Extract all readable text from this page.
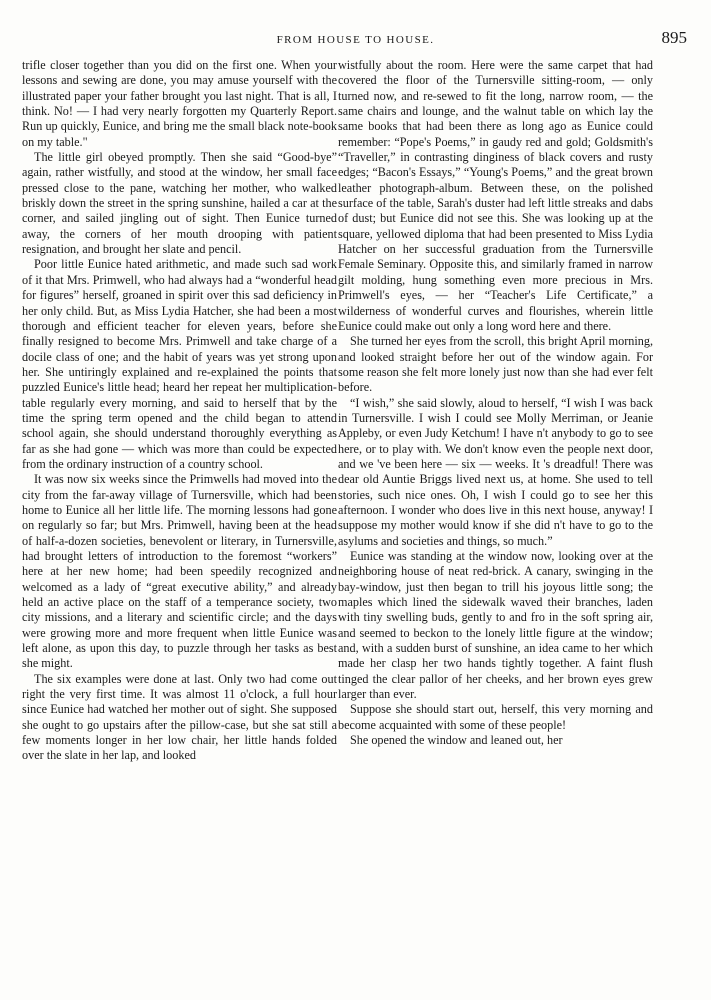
FROM HOUSE TO HOUSE.	895

trifle closer together than you did on the first one. When your lessons and sewing are done, you may amuse yourself with the illustrated paper your father brought you last night. That is all, I think. No! — I had very nearly forgotten my Quarterly Report. Run up quickly, Eunice, and bring me the small black note-book on my table."

The little girl obeyed promptly. Then she said “Good-bye” again, rather wistfully, and stood at the window, her small face pressed close to the pane, watching her mother, who walked briskly down the street in the spring sunshine, hailed a car at the corner, and sailed jingling out of sight. Then Eunice turned away, the corners of her mouth drooping with patient resignation, and brought her slate and pencil.

Poor little Eunice hated arithmetic, and made such sad work of it that Mrs. Primwell, who had always had a “wonderful head for figures” herself, groaned in spirit over this sad deficiency in her only child. But, as Miss Lydia Hatcher, she had been a most thorough and efficient teacher for eleven years, before she finally resigned to become Mrs. Primwell and take charge of a docile class of one; and the habit of years was yet strong upon her. She untiringly explained and re-explained the points that puzzled Eunice's little head; heard her repeat her multiplication-table regularly every morning, and said to herself that by the time the spring term opened and the child began to attend school again, she should understand thoroughly everything as far as she had gone — which was more than could be expected from the ordinary instruction of a country school.

It was now six weeks since the Primwells had moved into the city from the far-away village of Turnersville, which had been home to Eunice all her little life. The morning lessons had gone on regularly so far; but Mrs. Primwell, having been at the head of half-a-dozen societies, benevolent or literary, in Turnersville, had brought letters of introduction to the foremost “workers” here at her new home; had been speedily recognized and welcomed as a lady of “great executive ability,” and already held an active place on the staff of a temperance society, two city missions, and a literary and scientific circle; and the days were growing more and more frequent when little Eunice was left alone, as upon this day, to puzzle through her tasks as best she might.

The six examples were done at last. Only two had come out right the very first time. It was almost 11 o'clock, a full hour since Eunice had watched her mother out of sight. She supposed she ought to go upstairs after the pillow-case, but she sat still a few moments longer in her low chair, her little hands folded over the slate in her lap, and looked

wistfully about the room. Here were the same carpet that had covered the floor of the Turnersville sitting-room, — only turned now, and re-sewed to fit the long, narrow room, — the same chairs and lounge, and the walnut table on which lay the same books that had been there as long ago as Eunice could remember: “Pope's Poems,” in gaudy red and gold; Goldsmith's “Traveller,” in contrasting dinginess of black covers and rusty edges; “Bacon's Essays,” “Young's Poems,” and the great brown leather photograph-album. Between these, on the polished surface of the table, Sarah's duster had left little streaks and dabs of dust; but Eunice did not see this. She was looking up at the square, yellowed diploma that had been presented to Miss Lydia Hatcher on her successful graduation from the Turnersville Female Seminary. Opposite this, and similarly framed in narrow gilt molding, hung something even more precious in Mrs. Primwell's eyes, — her “Teacher's Life Certificate,” a wilderness of wonderful curves and flourishes, wherein little Eunice could make out only a long word here and there.

She turned her eyes from the scroll, this bright April morning, and looked straight before her out of the window again. For some reason she felt more lonely just now than she had ever felt before.

“I wish,” she said slowly, aloud to herself, “I wish I was back in Turnersville. I wish I could see Molly Merriman, or Jeanie Appleby, or even Judy Ketchum! I have n't anybody to go to see here, or to play with. We don't know even the people next door, and we 've been here — six — weeks. It 's dreadful! There was dear old Auntie Briggs lived next us, at home. She used to tell stories, such nice ones. Oh, I wish I could go to see her this afternoon. I wonder who does live in this next house, anyway! I suppose my mother would know if she did n't have to go to the asylums and societies and things, so much.”

Eunice was standing at the window now, looking over at the neighboring house of neat red-brick. A canary, swinging in the bay-window, just then began to trill his joyous little song; the maples which lined the sidewalk waved their branches, laden with tiny swelling buds, gently to and fro in the soft spring air, and seemed to beckon to the lonely little figure at the window; and, with a sudden burst of sunshine, an idea came to her which made her clasp her two hands tightly together. A faint flush tinged the clear pallor of her cheeks, and her brown eyes grew larger than ever.

Suppose she should start out, herself, this very morning and become acquainted with some of these people!

She opened the window and leaned out, her
